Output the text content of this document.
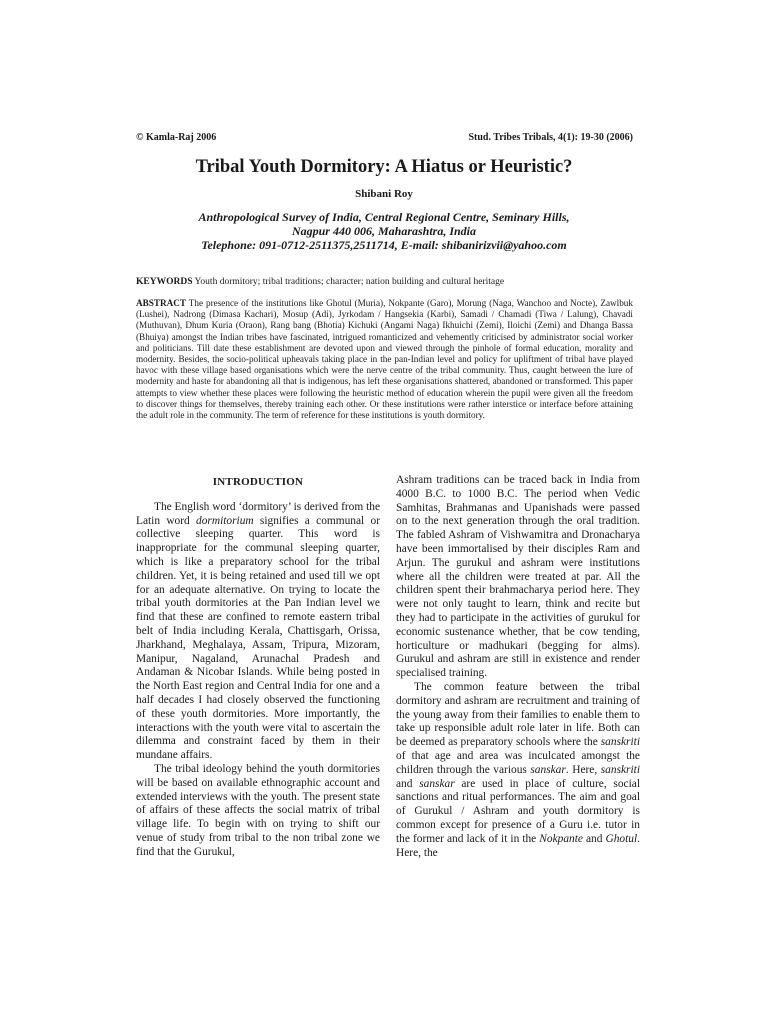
© Kamla-Raj 2006	Stud. Tribes Tribals, 4(1): 19-30 (2006)
Tribal Youth Dormitory: A Hiatus or Heuristic?
Shibani Roy
Anthropological Survey of India, Central Regional Centre, Seminary Hills,
Nagpur 440 006, Maharashtra, India
Telephone: 091-0712-2511375,2511714, E-mail: shibanirizvii@yahoo.com
KEYWORDS Youth dormitory; tribal traditions; character; nation building and cultural heritage
ABSTRACT The presence of the institutions like Ghotul (Muria), Nokpante (Garo), Morung (Naga, Wanchoo and Nocte), Zawlbuk (Lushei), Nadrong (Dimasa Kachari), Mosup (Adi), Jyrkodam / Hangsekia (Karbi), Samadi / Chamadi (Tiwa / Lalung), Chavadi (Muthuvan), Dhum Kuria (Oraon), Rang bang (Bhotia) Kichuki (Angami Naga) Ikhuichi (Zemi), Iloichi (Zemi) and Dhanga Bassa (Bhuiya) amongst the Indian tribes have fascinated, intrigued romanticized and vehemently criticised by administrator social worker and politicians. Till date these establishment are devoted upon and viewed through the pinhole of formal education, morality and modernity. Besides, the socio-political upheavals taking place in the pan-Indian level and policy for upliftment of tribal have played havoc with these village based organisations which were the nerve centre of the tribal community. Thus, caught between the lure of modernity and haste for abandoning all that is indigenous, has left these organisations shattered, abandoned or transformed. This paper attempts to view whether these places were following the heuristic method of education wherein the pupil were given all the freedom to discover things for themselves, thereby training each other. Or these institutions were rather interstice or interface before attaining the adult role in the community. The term of reference for these institutions is youth dormitory.
INTRODUCTION

The English word ‘dormitory’ is derived from the Latin word dormitorium signifies a communal or collective sleeping quarter. This word is inappropriate for the communal sleeping quarter, which is like a preparatory school for the tribal children. Yet, it is being retained and used till we opt for an adequate alternative. On trying to locate the tribal youth dormitories at the Pan Indian level we find that these are confined to remote eastern tribal belt of India including Kerala, Chattisgarh, Orissa, Jharkhand, Meghalaya, Assam, Tripura, Mizoram, Manipur, Nagaland, Arunachal Pradesh and Andaman & Nicobar Islands. While being posted in the North East region and Central India for one and a half decades I had closely observed the functioning of these youth dormitories. More importantly, the interactions with the youth were vital to ascertain the dilemma and constraint faced by them in their mundane affairs.

The tribal ideology behind the youth dormitories will be based on available ethnographic account and extended interviews with the youth. The present state of affairs of these affects the social matrix of tribal village life. To begin with on trying to shift our venue of study from tribal to the non tribal zone we find that the Gurukul,

Ashram traditions can be traced back in India from 4000 B.C. to 1000 B.C. The period when Vedic Samhitas, Brahmanas and Upanishads were passed on to the next generation through the oral tradition. The fabled Ashram of Vishwamitra and Dronacharya have been immortalised by their disciples Ram and Arjun. The gurukul and ashram were institutions where all the children were treated at par. All the children spent their brahmacharya period here. They were not only taught to learn, think and recite but they had to participate in the activities of gurukul for economic sustenance whether, that be cow tending, horticulture or madhukari (begging for alms). Gurukul and ashram are still in existence and render specialised training.

The common feature between the tribal dormitory and ashram are recruitment and training of the young away from their families to enable them to take up responsible adult role later in life. Both can be deemed as preparatory schools where the sanskriti of that age and area was inculcated amongst the children through the various sanskar. Here, sanskriti and sanskar are used in place of culture, social sanctions and ritual performances. The aim and goal of Gurukul / Ashram and youth dormitory is common except for presence of a Guru i.e. tutor in the former and lack of it in the Nokpante and Ghotul. Here, the
